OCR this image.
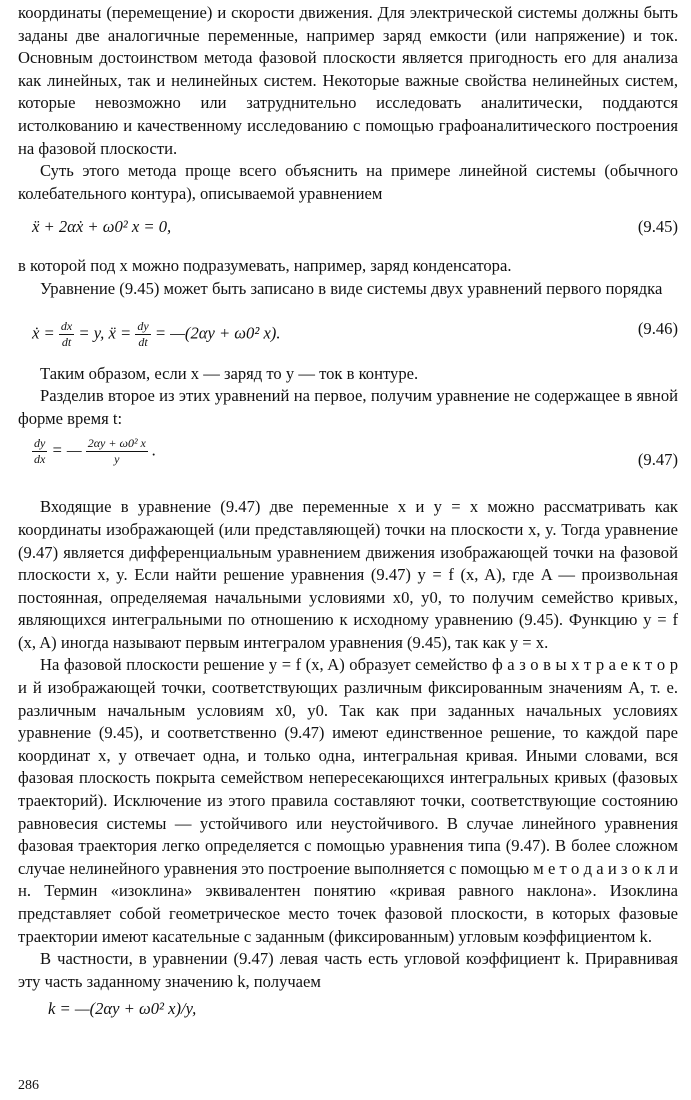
координаты (перемещение) и скорости движения. Для электрической системы должны быть заданы две аналогичные переменные, например заряд емкости (или напряжение) и ток. Основным достоинством метода фазовой плоскости является пригодность его для анализа как линейных, так и нелинейных систем. Некоторые важные свойства нелинейных систем, которые невозможно или затруднительно исследовать аналитически, поддаются истолкованию и качественному исследованию с помощью графоаналитического построения на фазовой плоскости.

Суть этого метода проще всего объяснить на примере линейной системы (обычного колебательного контура), описываемой уравнением

ẍ + 2αẋ + ω0² x = 0,	(9.45)

в которой под x можно подразумевать, например, заряд конденсатора.

Уравнение (9.45) может быть записано в виде системы двух уравнений первого порядка

ẋ = $\frac{dx}{dt} = y$, ẍ = $\frac{dy}{dt}$ = —(2αy + ω0² x).	(9.46)

Таким образом, если x — заряд то y — ток в контуре.

Разделив второе из этих уравнений на первое, получим уравнение не содержащее в явной форме время t:

$\frac{dy}{dx}$ = — $\frac{\text{2αy + ω0² x}}{y}$ .
(9.47)

Входящие в уравнение (9.47) две переменные x и y = x можно рассматривать как координаты изображающей (или представляющей) точки на плоскости x, y. Тогда уравнение (9.47) является дифференциальным уравнением движения изображающей точки на фазовой плоскости x, y. Если найти решение уравнения (9.47) y = f (x, A), где A — произвольная постоянная, определяемая начальными условиями x0, y0, то получим семейство кривых, являющихся интегральными по отношению к исходному уравнению (9.45). Функцию y = f (x, A) иногда называют первым интегралом уравнения (9.45), так как y = x.

На фазовой плоскости решение y = f (x, A) образует семейство ф а з о в ы х т р а е к т о р и й изображающей точки, соответствующих различным фиксированным значениям A, т. е. различным начальным условиям x0, y0. Так как при заданных начальных условиях уравнение (9.45), и соответственно (9.47) имеют единственное решение, то каждой паре координат x, y отвечает одна, и только одна, интегральная кривая. Иными словами, вся фазовая плоскость покрыта семейством непересекающихся интегральных кривых (фазовых траекторий). Исключение из этого правила составляют точки, соответствующие состоянию равновесия системы — устойчивого или неустойчивого. В случае линейного уравнения фазовая траектория легко определяется с помощью уравнения типа (9.47). В более сложном случае нелинейного уравнения это построение выполняется с помощью м е т о д а и з о к л и н. Термин «изоклина» эквивалентен понятию «кривая равного наклона». Изоклина представляет собой геометрическое место точек фазовой плоскости, в которых фазовые траектории имеют касательные с заданным (фиксированным) угловым коэффициентом k.

В частности, в уравнении (9.47) левая часть есть угловой коэффициент k. Приравнивая эту часть заданному значению k, получаем

k = —(2αy + ω0² x)/y,
286
